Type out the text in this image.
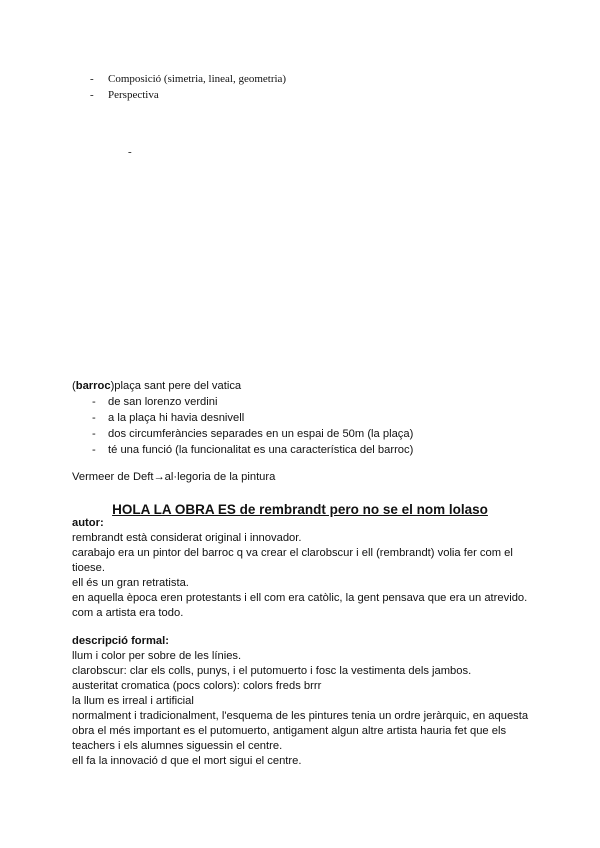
- Composició (simetria, lineal, geometria)
- Perspectiva
-
(barroc)plaça sant pere del vatica
- de san lorenzo verdini
- a la plaça hi havia desnivell
- dos circumferàncies separades en un espai de 50m (la plaça)
- té una funció (la funcionalitat es una característica del barroc)
Vermeer de Deft→al·legoria de la pintura
HOLA LA OBRA ES de rembrandt pero no se el nom lolaso
autor:
rembrandt està considerat original i innovador.
carabajo era un pintor del barroc q va crear el clarobscur i ell (rembrandt) volia fer com el
tioese.
ell és un gran retratista.
en aquella època eren protestants i ell com era catòlic, la gent pensava que era un atrevido.
com a artista era todo.
descripció formal:
llum i color per sobre de les línies.
clarobscur: clar els colls, punys, i el putomuerto i fosc la vestimenta dels jambos.
austeritat cromatica (pocs colors): colors freds brrr
la llum es irreal i artificial
normalment i tradicionalment, l'esquema de les pintures tenia un ordre jeràrquic, en aquesta
obra el més important es el putomuerto, antigament algun altre artista hauria fet que els
teachers i els alumnes siguessin el centre.
ell fa la innovació d que el mort sigui el centre.
